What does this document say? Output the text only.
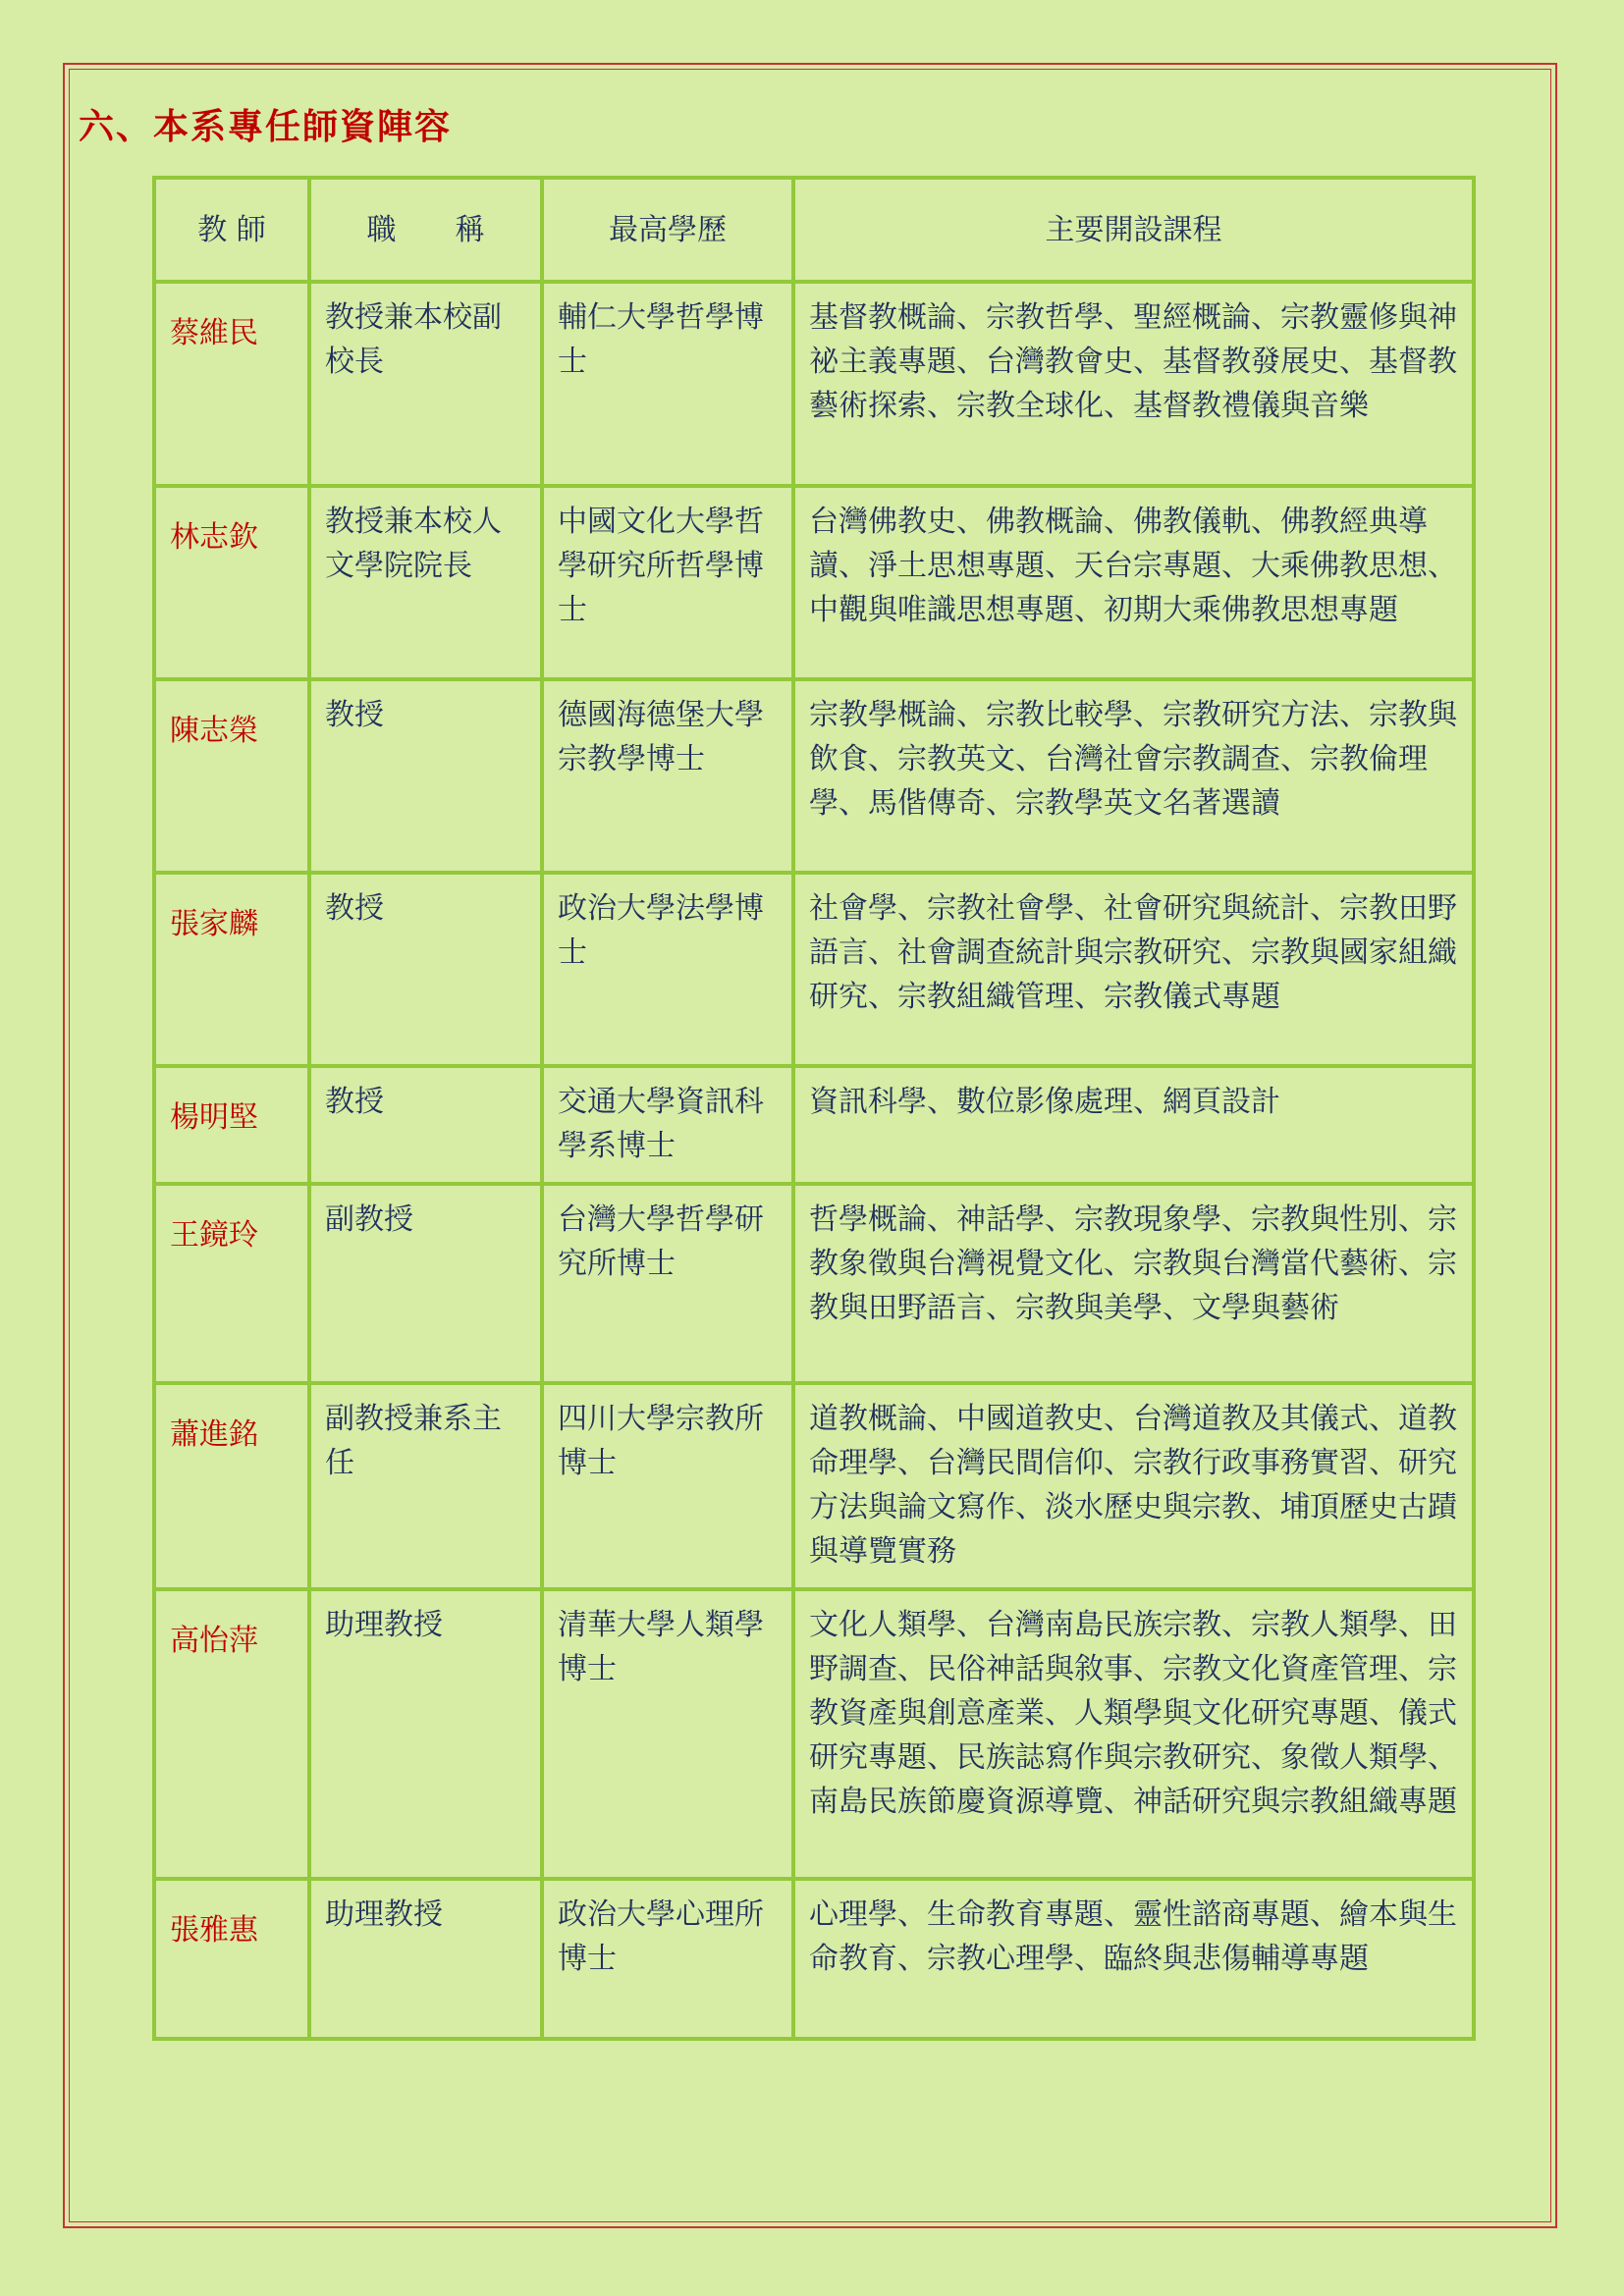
六、本系專任師資陣容
教 師	職　　稱	最高學歷	主要開設課程
蔡維民	教授兼本校副校長	輔仁大學哲學博士	基督教概論、宗教哲學、聖經概論、宗教靈修與神祕主義專題、台灣教會史、基督教發展史、基督教藝術探索、宗教全球化、基督教禮儀與音樂
林志欽	教授兼本校人文學院院長	中國文化大學哲學研究所哲學博士	台灣佛教史、佛教概論、佛教儀軌、佛教經典導讀、淨土思想專題、天台宗專題、大乘佛教思想、中觀與唯識思想專題、初期大乘佛教思想專題
陳志榮	教授	德國海德堡大學宗教學博士	宗教學概論、宗教比較學、宗教研究方法、宗教與飲食、宗教英文、台灣社會宗教調查、宗教倫理學、馬偕傳奇、宗教學英文名著選讀
張家麟	教授	政治大學法學博士	社會學、宗教社會學、社會研究與統計、宗教田野語言、社會調查統計與宗教研究、宗教與國家組織研究、宗教組織管理、宗教儀式專題
楊明堅	教授	交通大學資訊科學系博士	資訊科學、數位影像處理、網頁設計
王鏡玲	副教授	台灣大學哲學研究所博士	哲學概論、神話學、宗教現象學、宗教與性別、宗教象徵與台灣視覺文化、宗教與台灣當代藝術、宗教與田野語言、宗教與美學、文學與藝術
蕭進銘	副教授兼系主任	四川大學宗教所博士	道教概論、中國道教史、台灣道教及其儀式、道教命理學、台灣民間信仰、宗教行政事務實習、研究方法與論文寫作、淡水歷史與宗教、埔頂歷史古蹟與導覽實務
高怡萍	助理教授	清華大學人類學博士	文化人類學、台灣南島民族宗教、宗教人類學、田野調查、民俗神話與敘事、宗教文化資產管理、宗教資產與創意產業、人類學與文化研究專題、儀式研究專題、民族誌寫作與宗教研究、象徵人類學、南島民族節慶資源導覽、神話研究與宗教組織專題
張雅惠	助理教授	政治大學心理所博士	心理學、生命教育專題、靈性諮商專題、繪本與生命教育、宗教心理學、臨終與悲傷輔導專題
